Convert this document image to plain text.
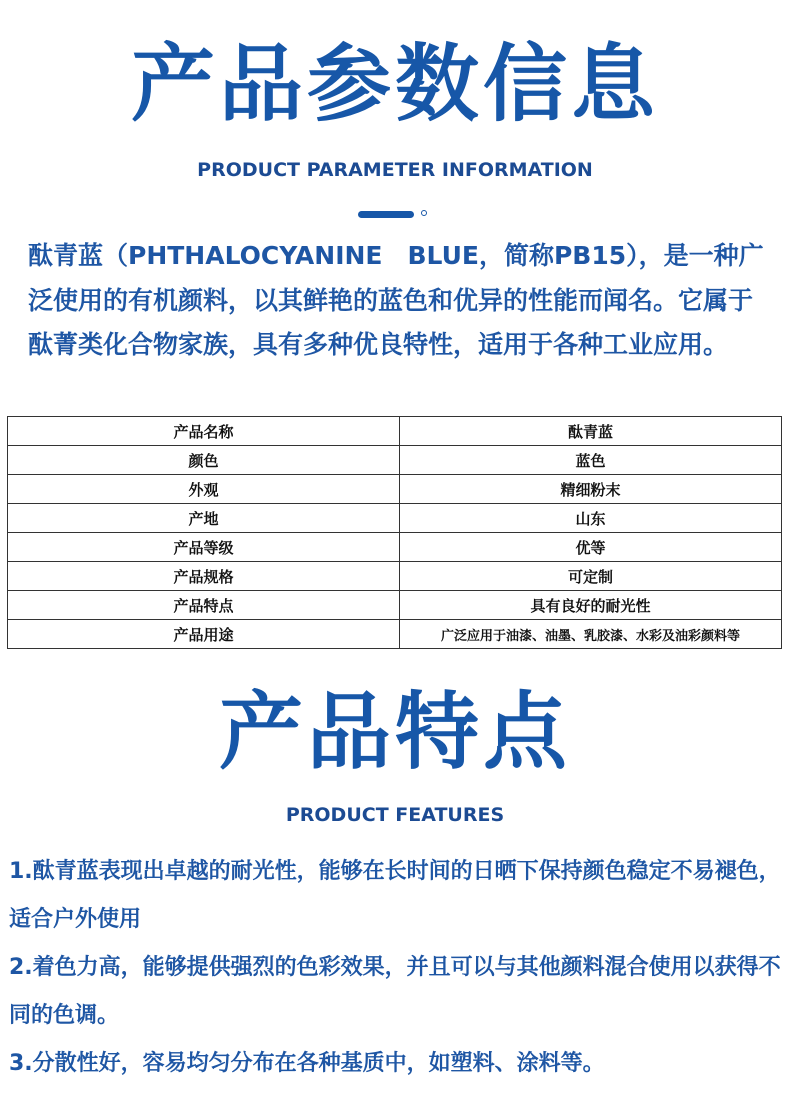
产品参数信息
PRODUCT PARAMETER INFORMATION

酞青蓝（PHTHALOCYANINE　BLUE，简称PB15），是一种广泛使用的有机颜料，以其鲜艳的蓝色和优异的性能而闻名。它属于酞菁类化合物家族，具有多种优良特性，适用于各种工业应用。

产品名称	酞青蓝
颜色	蓝色
外观	精细粉末
产地	山东
产品等级	优等
产品规格	可定制
产品特点	具有良好的耐光性
产品用途	广泛应用于油漆、油墨、乳胶漆、水彩及油彩颜料等
产品特点
PRODUCT FEATURES
1.酞青蓝表现出卓越的耐光性，能够在长时间的日晒下保持颜色稳定不易褪色，适合户外使用
2.着色力高，能够提供强烈的色彩效果，并且可以与其他颜料混合使用以获得不同的色调。
3.分散性好，容易均匀分布在各种基质中，如塑料、涂料等。
